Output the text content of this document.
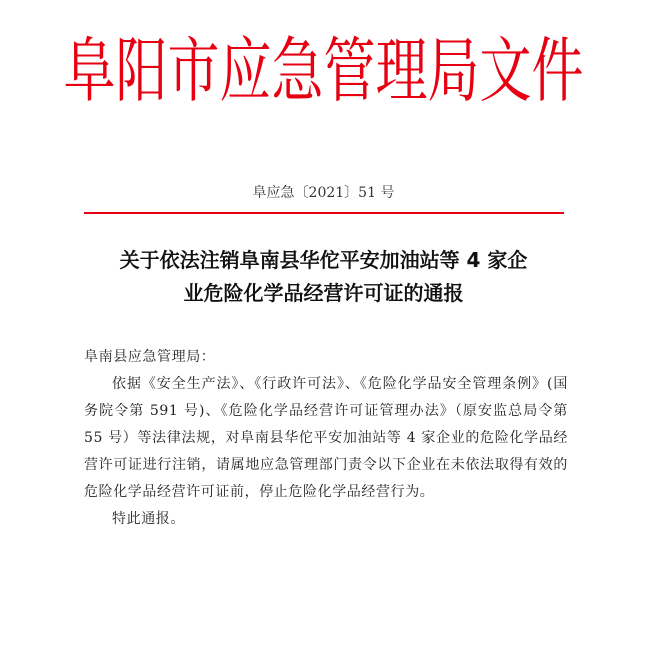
阜阳市应急管理局文件
阜应急〔2021〕51 号
关于依法注销阜南县华佗平安加油站等 4 家企
业危险化学品经营许可证的通报
阜南县应急管理局：
依据《安全生产法》、《行政许可法》、《危险化学品安全管理条例》(国务院令第 591 号)、《危险化学品经营许可证管理办法》（原安监总局令第 55 号）等法律法规，对阜南县华佗平安加油站等 4 家企业的危险化学品经营许可证进行注销，请属地应急管理部门责令以下企业在未依法取得有效的危险化学品经营许可证前，停止危险化学品经营行为。
特此通报。
